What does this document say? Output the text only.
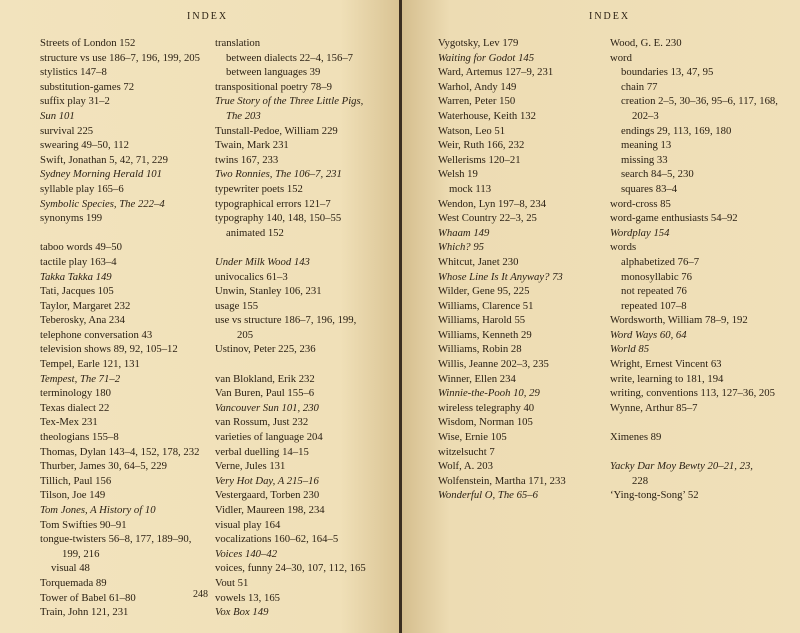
INDEX
Streets of London 152
structure vs use 186–7, 196, 199, 205
stylistics 147–8
substitution-games 72
suffix play 31–2
Sun 101
survival 225
swearing 49–50, 112
Swift, Jonathan 5, 42, 71, 229
Sydney Morning Herald 101
syllable play 165–6
Symbolic Species, The 222–4
synonyms 199
taboo words 49–50
tactile play 163–4
Takka Takka 149
Tati, Jacques 105
Taylor, Margaret 232
Teberosky, Ana 234
telephone conversation 43
television shows 89, 92, 105–12
Tempel, Earle 121, 131
Tempest, The 71–2
terminology 180
Texas dialect 22
Tex-Mex 231
theologians 155–8
Thomas, Dylan 143–4, 152, 178, 232
Thurber, James 30, 64–5, 229
Tillich, Paul 156
Tilson, Joe 149
Tom Jones, A History of 10
Tom Swifties 90–91
tongue-twisters 56–8, 177, 189–90,
199, 216
visual 48
Torquemada 89
Tower of Babel 61–80
Train, John 121, 231
translation
between dialects 22–4, 156–7
between languages 39
transpositional poetry 78–9
True Story of the Three Little Pigs,
The 203
Tunstall-Pedoe, William 229
Twain, Mark 231
twins 167, 233
Two Ronnies, The 106–7, 231
typewriter poets 152
typographical errors 121–7
typography 140, 148, 150–55
animated 152
Under Milk Wood 143
univocalics 61–3
Unwin, Stanley 106, 231
usage 155
use vs structure 186–7, 196, 199,
205
Ustinov, Peter 225, 236
van Blokland, Erik 232
Van Buren, Paul 155–6
Vancouver Sun 101, 230
van Rossum, Just 232
varieties of language 204
verbal duelling 14–15
Verne, Jules 131
Very Hot Day, A 215–16
Vestergaard, Torben 230
Vidler, Maureen 198, 234
visual play 164
vocalizations 160–62, 164–5
Voices 140–42
voices, funny 24–30, 107, 112, 165
Vout 51
vowels 13, 165
Vox Box 149
248
INDEX
Vygotsky, Lev 179
Waiting for Godot 145
Ward, Artemus 127–9, 231
Warhol, Andy 149
Warren, Peter 150
Waterhouse, Keith 132
Watson, Leo 51
Weir, Ruth 166, 232
Wellerisms 120–21
Welsh 19
mock 113
Wendon, Lyn 197–8, 234
West Country 22–3, 25
Whaam 149
Which? 95
Whitcut, Janet 230
Whose Line Is It Anyway? 73
Wilder, Gene 95, 225
Williams, Clarence 51
Williams, Harold 55
Williams, Kenneth 29
Williams, Robin 28
Willis, Jeanne 202–3, 235
Winner, Ellen 234
Winnie-the-Pooh 10, 29
wireless telegraphy 40
Wisdom, Norman 105
Wise, Ernie 105
witzelsucht 7
Wolf, A. 203
Wolfenstein, Martha 171, 233
Wonderful O, The 65–6
Wood, G. E. 230
word
boundaries 13, 47, 95
chain 77
creation 2–5, 30–36, 95–6, 117, 168,
202–3
endings 29, 113, 169, 180
meaning 13
missing 33
search 84–5, 230
squares 83–4
word-cross 85
word-game enthusiasts 54–92
Wordplay 154
words
alphabetized 76–7
monosyllabic 76
not repeated 76
repeated 107–8
Wordsworth, William 78–9, 192
Word Ways 60, 64
World 85
Wright, Ernest Vincent 63
write, learning to 181, 194
writing, conventions 113, 127–36, 205
Wynne, Arthur 85–7
Ximenes 89
Yacky Dar Moy Bewty 20–21, 23,
228
‘Ying-tong-Song’ 52
